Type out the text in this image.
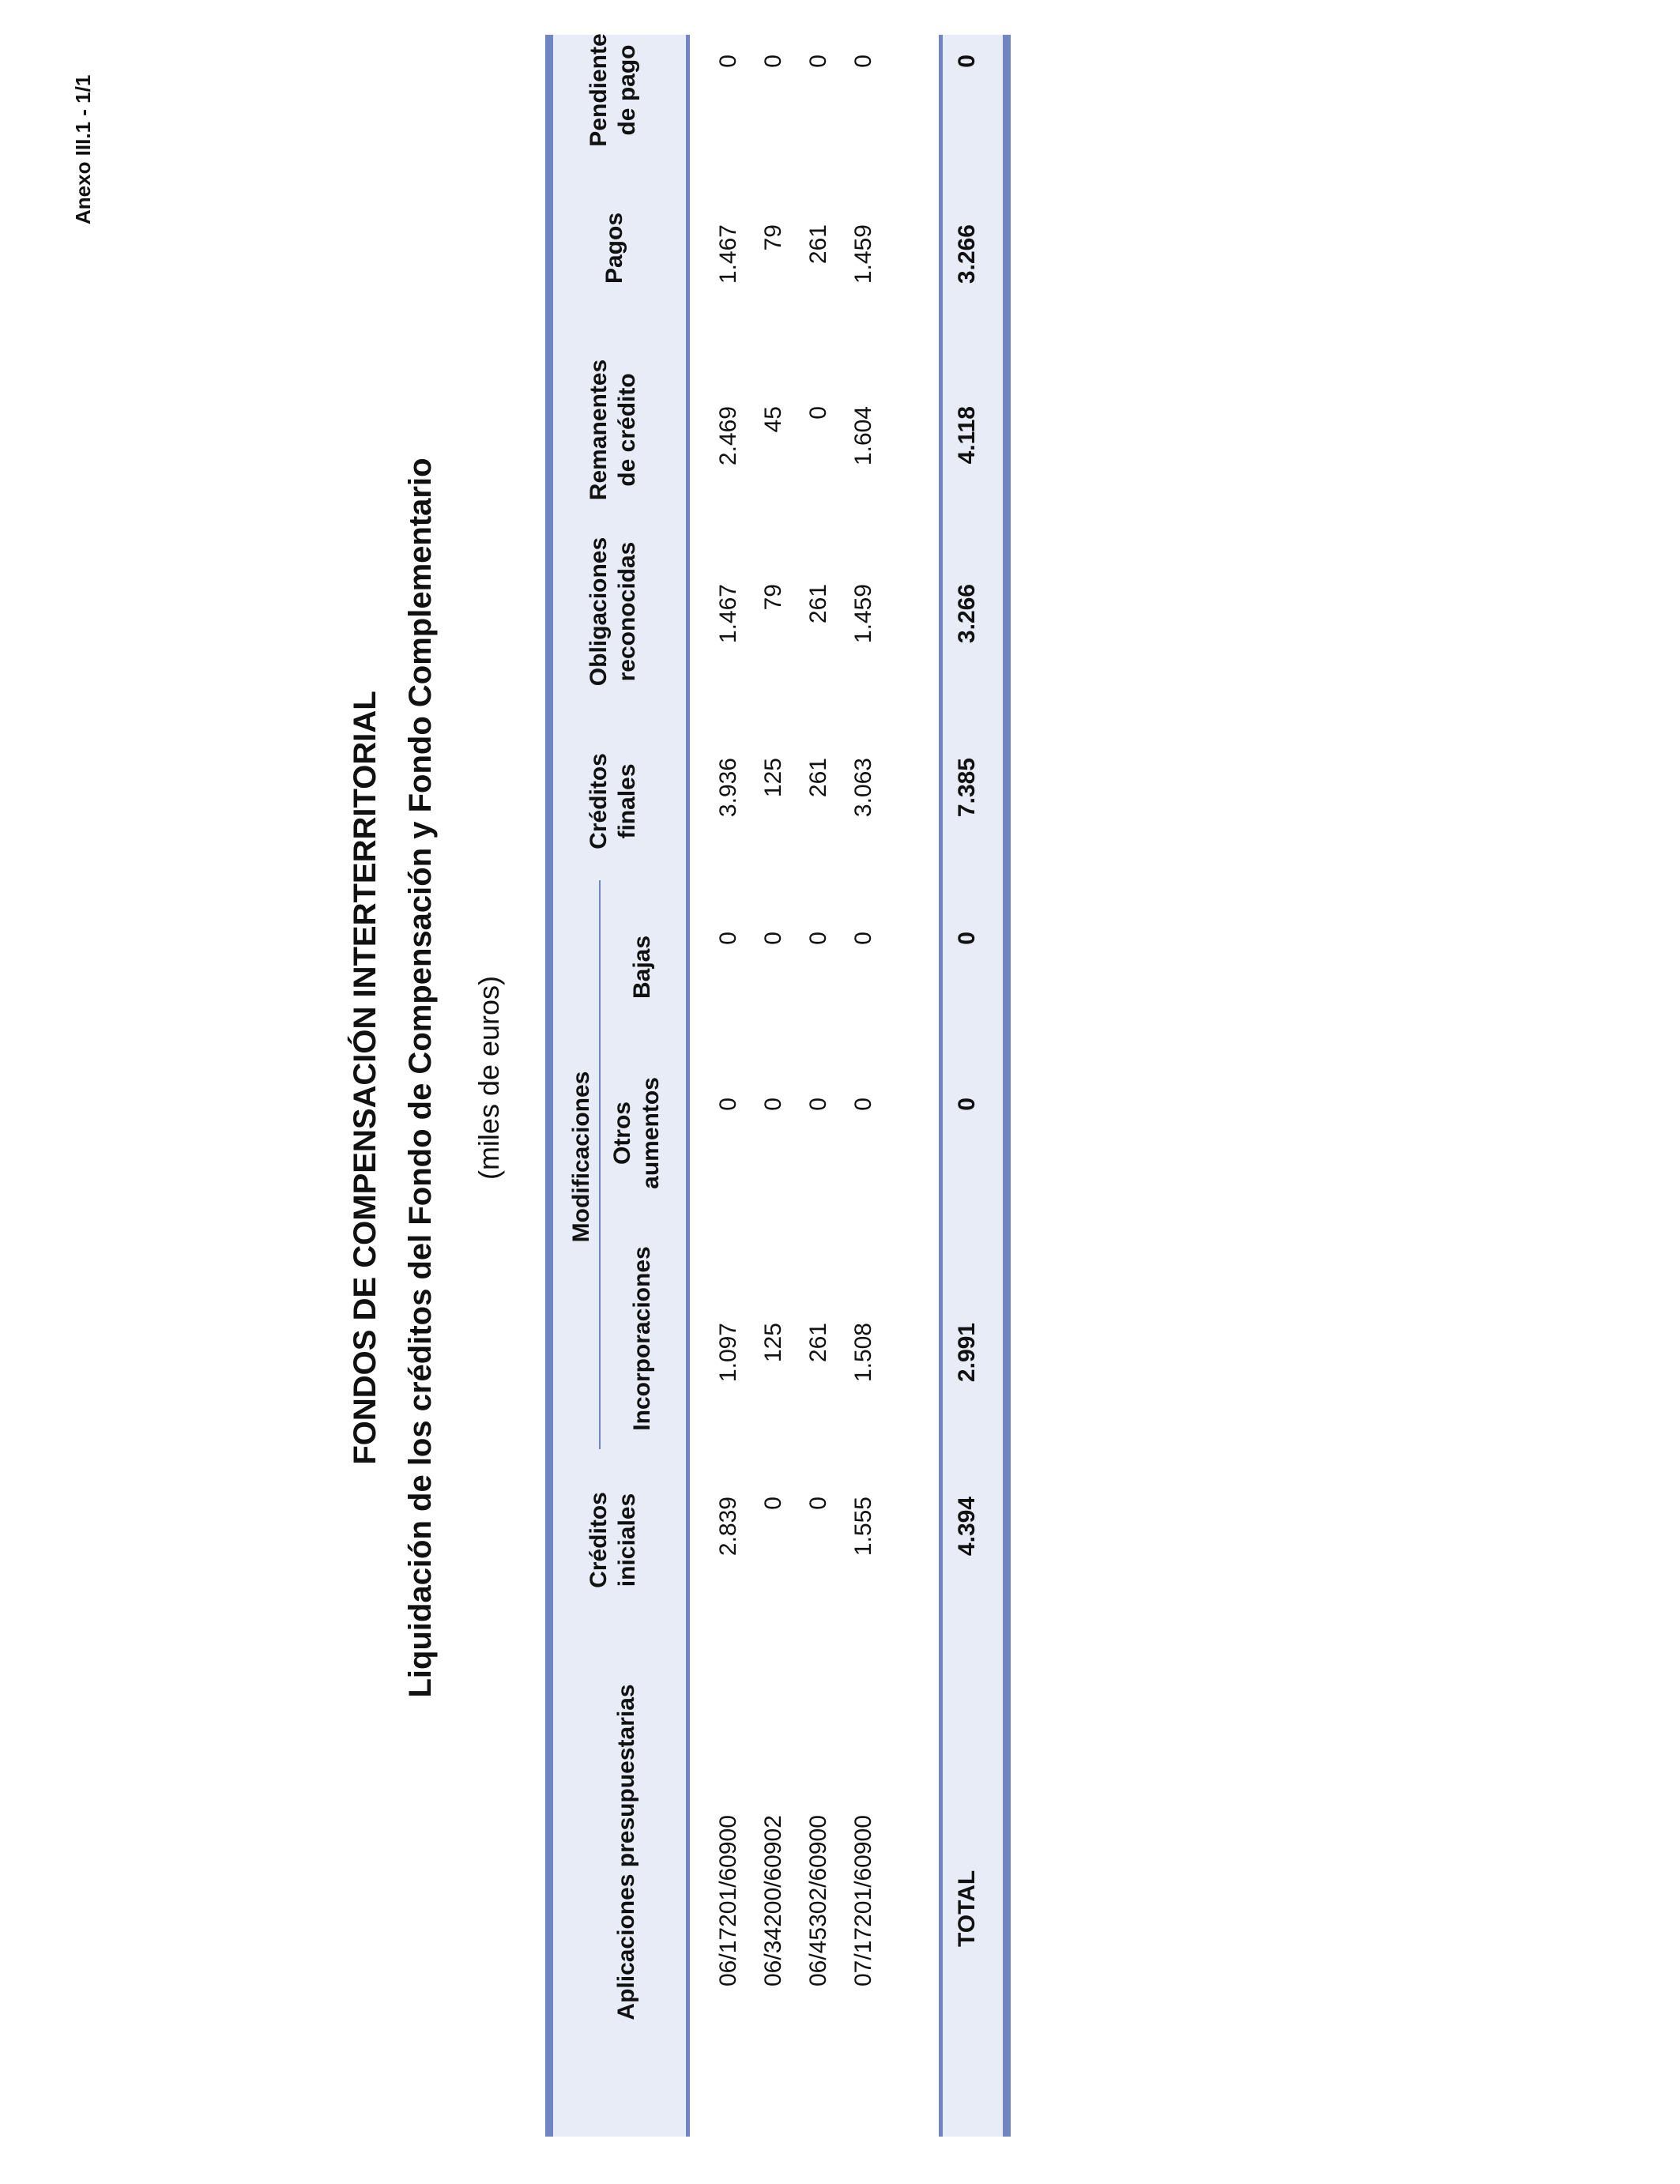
Anexo III.1 - 1/1
FONDOS DE COMPENSACIÓN INTERTERRITORIAL Liquidación de los créditos del Fondo de Compensación y Fondo Complementario (miles de euros)
Aplicaciones presupuestarias
Créditos iniciales
Modificaciones
Incorporaciones
Otros aumentos
Bajas
Créditos finales
Obligaciones reconocidas
Remanentes de crédito
Pagos
Pendiente de pago
06/17201/60900
2.839
1.097
0
0
3.936
1.467
2.469
1.467
0
06/34200/60902
0
125
0
0
125
79
45
79
0
06/45302/60900
0
261
0
0
261
261
0
261
0
07/17201/60900
1.555
1.508
0
0
3.063
1.459
1.604
1.459
0
TOTAL
4.394
2.991
0
0
7.385
3.266
4.118
3.266
0
